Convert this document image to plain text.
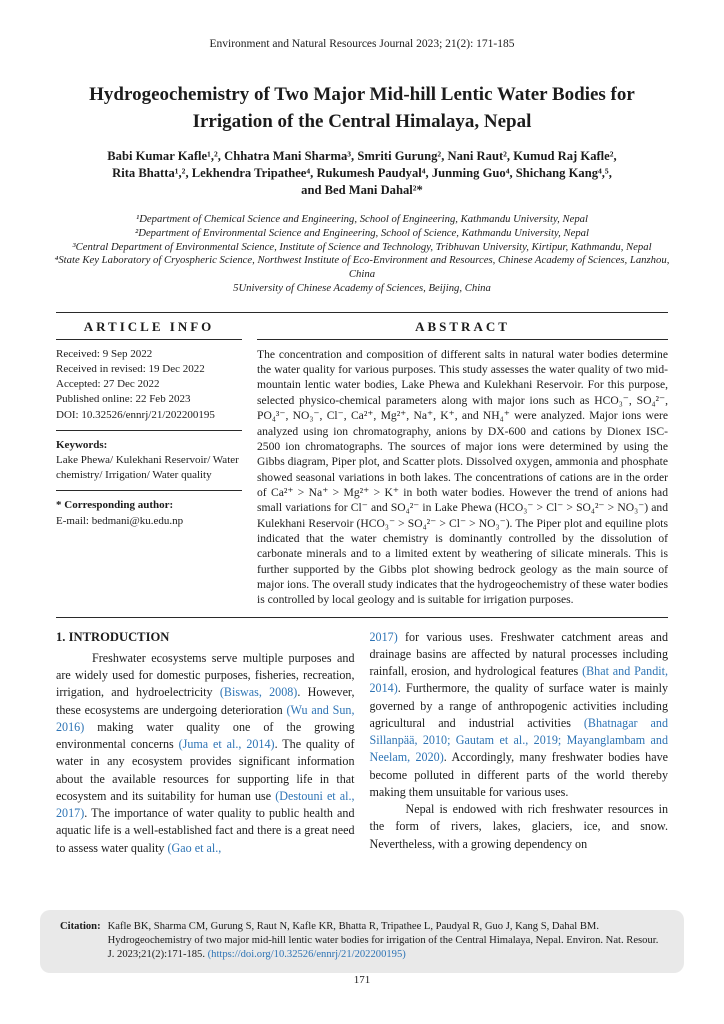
Environment and Natural Resources Journal 2023; 21(2): 171-185
Hydrogeochemistry of Two Major Mid-hill Lentic Water Bodies for Irrigation of the Central Himalaya, Nepal
Babi Kumar Kafle¹,², Chhatra Mani Sharma³, Smriti Gurung², Nani Raut², Kumud Raj Kafle²,
Rita Bhatta¹,², Lekhendra Tripathee⁴, Rukumesh Paudyal⁴, Junming Guo⁴, Shichang Kang⁴,⁵,
and Bed Mani Dahal²*
¹Department of Chemical Science and Engineering, School of Engineering, Kathmandu University, Nepal
²Department of Environmental Science and Engineering, School of Science, Kathmandu University, Nepal
³Central Department of Environmental Science, Institute of Science and Technology, Tribhuvan University, Kirtipur, Kathmandu, Nepal
⁴State Key Laboratory of Cryospheric Science, Northwest Institute of Eco-Environment and Resources, Chinese Academy of Sciences, Lanzhou, China
5University of Chinese Academy of Sciences, Beijing, China
ARTICLE INFO
Received: 9 Sep 2022
Received in revised: 19 Dec 2022
Accepted: 27 Dec 2022
Published online: 22 Feb 2023
DOI: 10.32526/ennrj/21/202200195
Keywords:
Lake Phewa/ Kulekhani Reservoir/ Water chemistry/ Irrigation/ Water quality
* Corresponding author:
E-mail: bedmani@ku.edu.np
ABSTRACT
The concentration and composition of different salts in natural water bodies determine the water quality for various purposes. This study assesses the water quality of two mid-mountain lentic water bodies, Lake Phewa and Kulekhani Reservoir. For this purpose, selected physico-chemical parameters along with major ions such as HCO₃⁻, SO₄²⁻, PO₄³⁻, NO₃⁻, Cl⁻, Ca²⁺, Mg²⁺, Na⁺, K⁺, and NH₄⁺ were analyzed. Major ions were analyzed using ion chromatography, anions by DX-600 and cations by Dionex ISC-2500 ion chromatographs. The sources of major ions were determined by using the Gibbs diagram, Piper plot, and Scatter plots. Dissolved oxygen, ammonia and phosphate showed seasonal variations in both lakes. The concentrations of cations are in the order of Ca²⁺ > Na⁺ > Mg²⁺ > K⁺ in both water bodies. However the trend of anions had small variations for Cl⁻ and SO₄²⁻ in Lake Phewa (HCO₃⁻ > Cl⁻ > SO₄²⁻ > NO₃⁻) and Kulekhani Reservoir (HCO₃⁻ > SO₄²⁻ > Cl⁻ > NO₃⁻). The Piper plot and equiline plots indicated that the water chemistry is dominantly controlled by the dissolution of carbonate minerals and to a limited extent by weathering of silicate minerals. This is further supported by the Gibbs plot showing bedrock geology as the main source of major ions. The overall study indicates that the hydrogeochemistry of these water bodies is controlled by local geology and is suitable for irrigation purposes.
1. INTRODUCTION

Freshwater ecosystems serve multiple purposes and are widely used for domestic purposes, fisheries, recreation, irrigation, and hydroelectricity (Biswas, 2008). However, these ecosystems are undergoing deterioration (Wu and Sun, 2016) making water quality one of the growing environmental concerns (Juma et al., 2014). The quality of water in any ecosystem provides significant information about the available resources for supporting life in that ecosystem and its suitability for human use (Destouni et al., 2017). The importance of water quality to public health and aquatic life is a well-established fact and there is a great need to assess water quality (Gao et al.,

2017) for various uses. Freshwater catchment areas and drainage basins are affected by natural processes including rainfall, erosion, and hydrological features (Bhat and Pandit, 2014). Furthermore, the quality of surface water is mainly governed by a range of anthropogenic activities including agricultural and industrial activities (Bhatnagar and Sillanpää, 2010; Gautam et al., 2019; Mayanglambam and Neelam, 2020). Accordingly, many freshwater bodies have become polluted in different parts of the world thereby making them unsuitable for various uses.

Nepal is endowed with rich freshwater resources in the form of rivers, lakes, glaciers, ice, and snow. Nevertheless, with a growing dependency on

Citation: Kafle BK, Sharma CM, Gurung S, Raut N, Kafle KR, Bhatta R, Tripathee L, Paudyal R, Guo J, Kang S, Dahal BM. Hydrogeochemistry of two major mid-hill lentic water bodies for irrigation of the Central Himalaya, Nepal. Environ. Nat. Resour. J. 2023;21(2):171-185. (https://doi.org/10.32526/ennrj/21/202200195)
171
